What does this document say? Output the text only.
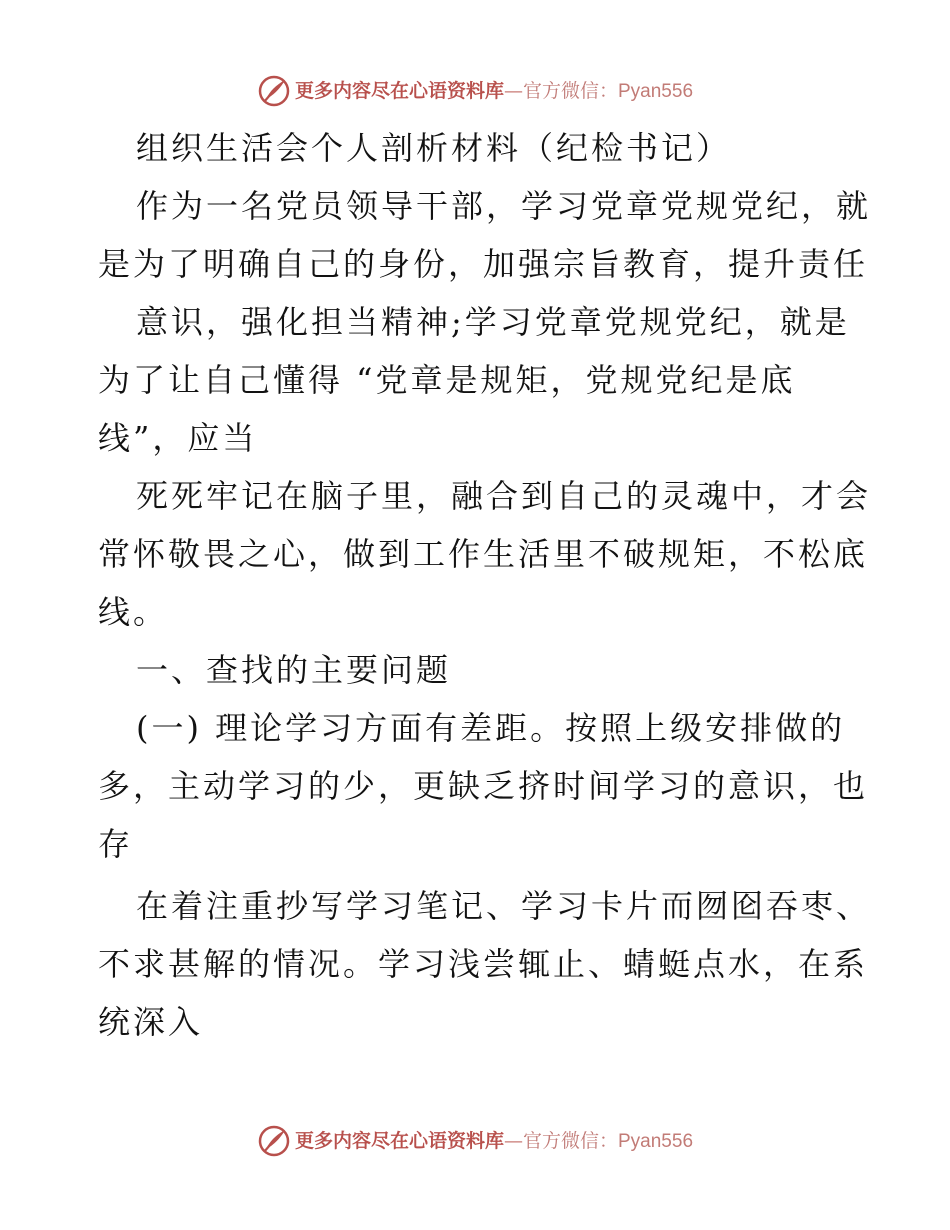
更多内容尽在心语资料库—官方微信：Pyan556
组织生活会个人剖析材料（纪检书记）
作为一名党员领导干部，学习党章党规党纪，就
是为了明确自己的身份，加强宗旨教育，提升责任
意识，强化担当精神;学习党章党规党纪，就是
为了让自己懂得 “党章是规矩，党规党纪是底
线”，应当
死死牢记在脑子里，融合到自己的灵魂中，才会
常怀敬畏之心，做到工作生活里不破规矩，不松底
线。
一、查找的主要问题
(一) 理论学习方面有差距。按照上级安排做的
多，主动学习的少，更缺乏挤时间学习的意识，也
存
在着注重抄写学习笔记、学习卡片而囫囵吞枣、
不求甚解的情况。学习浅尝辄止、蜻蜓点水，在系
统深入
更多内容尽在心语资料库—官方微信：Pyan556
